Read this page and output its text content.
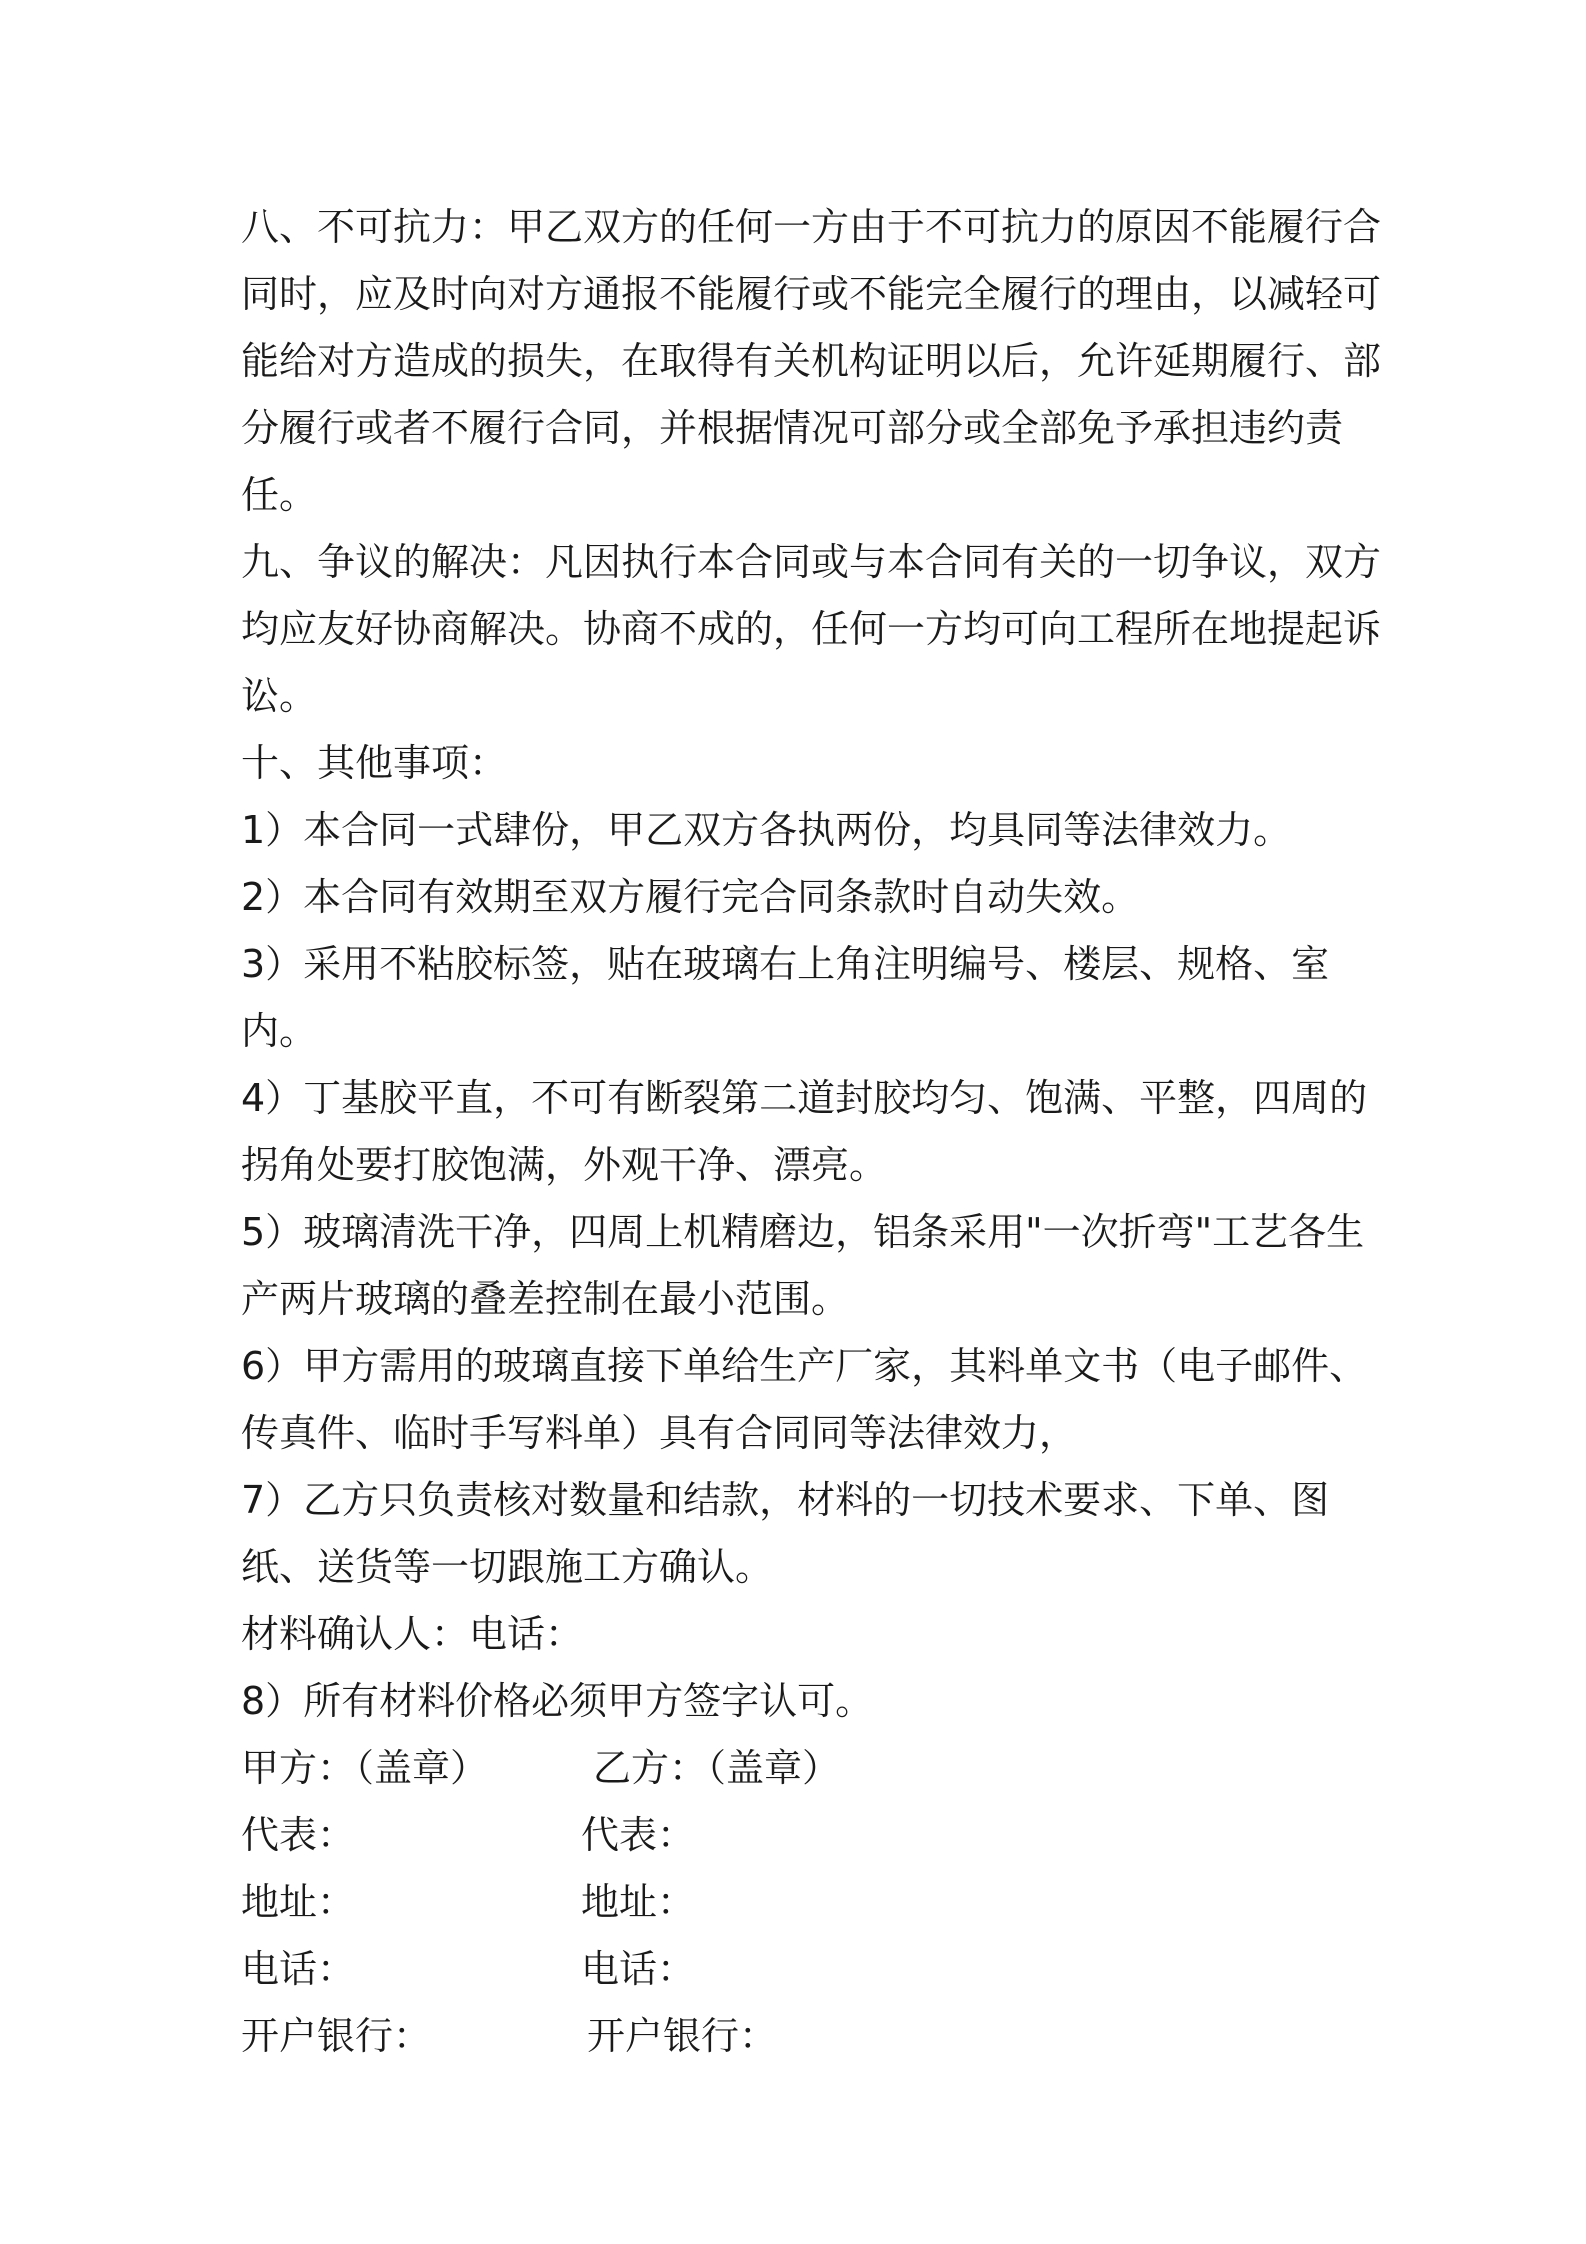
八、不可抗力：甲乙双方的任何一方由于不可抗力的原因不能履行合同时，应及时向对方通报不能履行或不能完全履行的理由，以减轻可能给对方造成的损失，在取得有关机构证明以后，允许延期履行、部分履行或者不履行合同，并根据情况可部分或全部免予承担违约责任。

九、争议的解决：凡因执行本合同或与本合同有关的一切争议，双方均应友好协商解决。协商不成的，任何一方均可向工程所在地提起诉讼。

十、其他事项：

1）本合同一式肆份，甲乙双方各执两份，均具同等法律效力。

2）本合同有效期至双方履行完合同条款时自动失效。

3）采用不粘胶标签，贴在玻璃右上角注明编号、楼层、规格、室内。

4）丁基胶平直，不可有断裂第二道封胶均匀、饱满、平整，四周的拐角处要打胶饱满，外观干净、漂亮。

5）玻璃清洗干净，四周上机精磨边，铝条采用"一次折弯"工艺各生产两片玻璃的叠差控制在最小范围。

6）甲方需用的玻璃直接下单给生产厂家，其料单文书（电子邮件、传真件、临时手写料单）具有合同同等法律效力，

7）乙方只负责核对数量和结款，材料的一切技术要求、下单、图纸、送货等一切跟施工方确认。

材料确认人：电话：

8）所有材料价格必须甲方签字认可。

甲方：（盖章）	乙方：（盖章）
代表：	代表：
地址：	地址：
电话：	电话：
开户银行：	开户银行：
